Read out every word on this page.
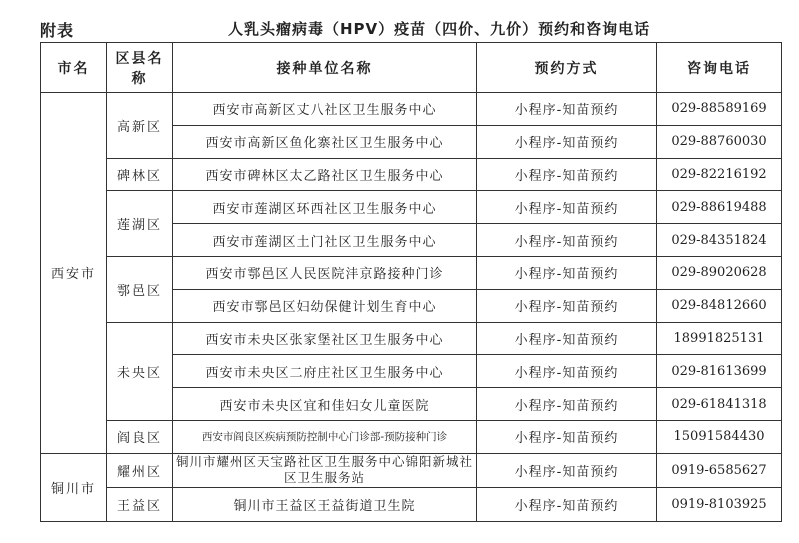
附表	人乳头瘤病毒（HPV）疫苗（四价、九价）预约和咨询电话
市名	区县名称	接种单位名称	预约方式	咨询电话
西安市	高新区	西安市高新区丈八社区卫生服务中心	小程序-知苗预约	029-88589169
		西安市高新区鱼化寨社区卫生服务中心	小程序-知苗预约	029-88760030
	碑林区	西安市碑林区太乙路社区卫生服务中心	小程序-知苗预约	029-82216192
	莲湖区	西安市莲湖区环西社区卫生服务中心	小程序-知苗预约	029-88619488
		西安市莲湖区土门社区卫生服务中心	小程序-知苗预约	029-84351824
	鄠邑区	西安市鄠邑区人民医院沣京路接种门诊	小程序-知苗预约	029-89020628
		西安市鄠邑区妇幼保健计划生育中心	小程序-知苗预约	029-84812660
	未央区	西安市未央区张家堡社区卫生服务中心	小程序-知苗预约	18991825131
		西安市未央区二府庄社区卫生服务中心	小程序-知苗预约	029-81613699
		西安市未央区宜和佳妇女儿童医院	小程序-知苗预约	029-61841318
	阎良区	西安市阎良区疾病预防控制中心门诊部-预防接种门诊	小程序-知苗预约	15091584430
铜川市	耀州区	铜川市耀州区天宝路社区卫生服务中心锦阳新城社区卫生服务站	小程序-知苗预约	0919-6585627
	王益区	铜川市王益区王益街道卫生院	小程序-知苗预约	0919-8103925
